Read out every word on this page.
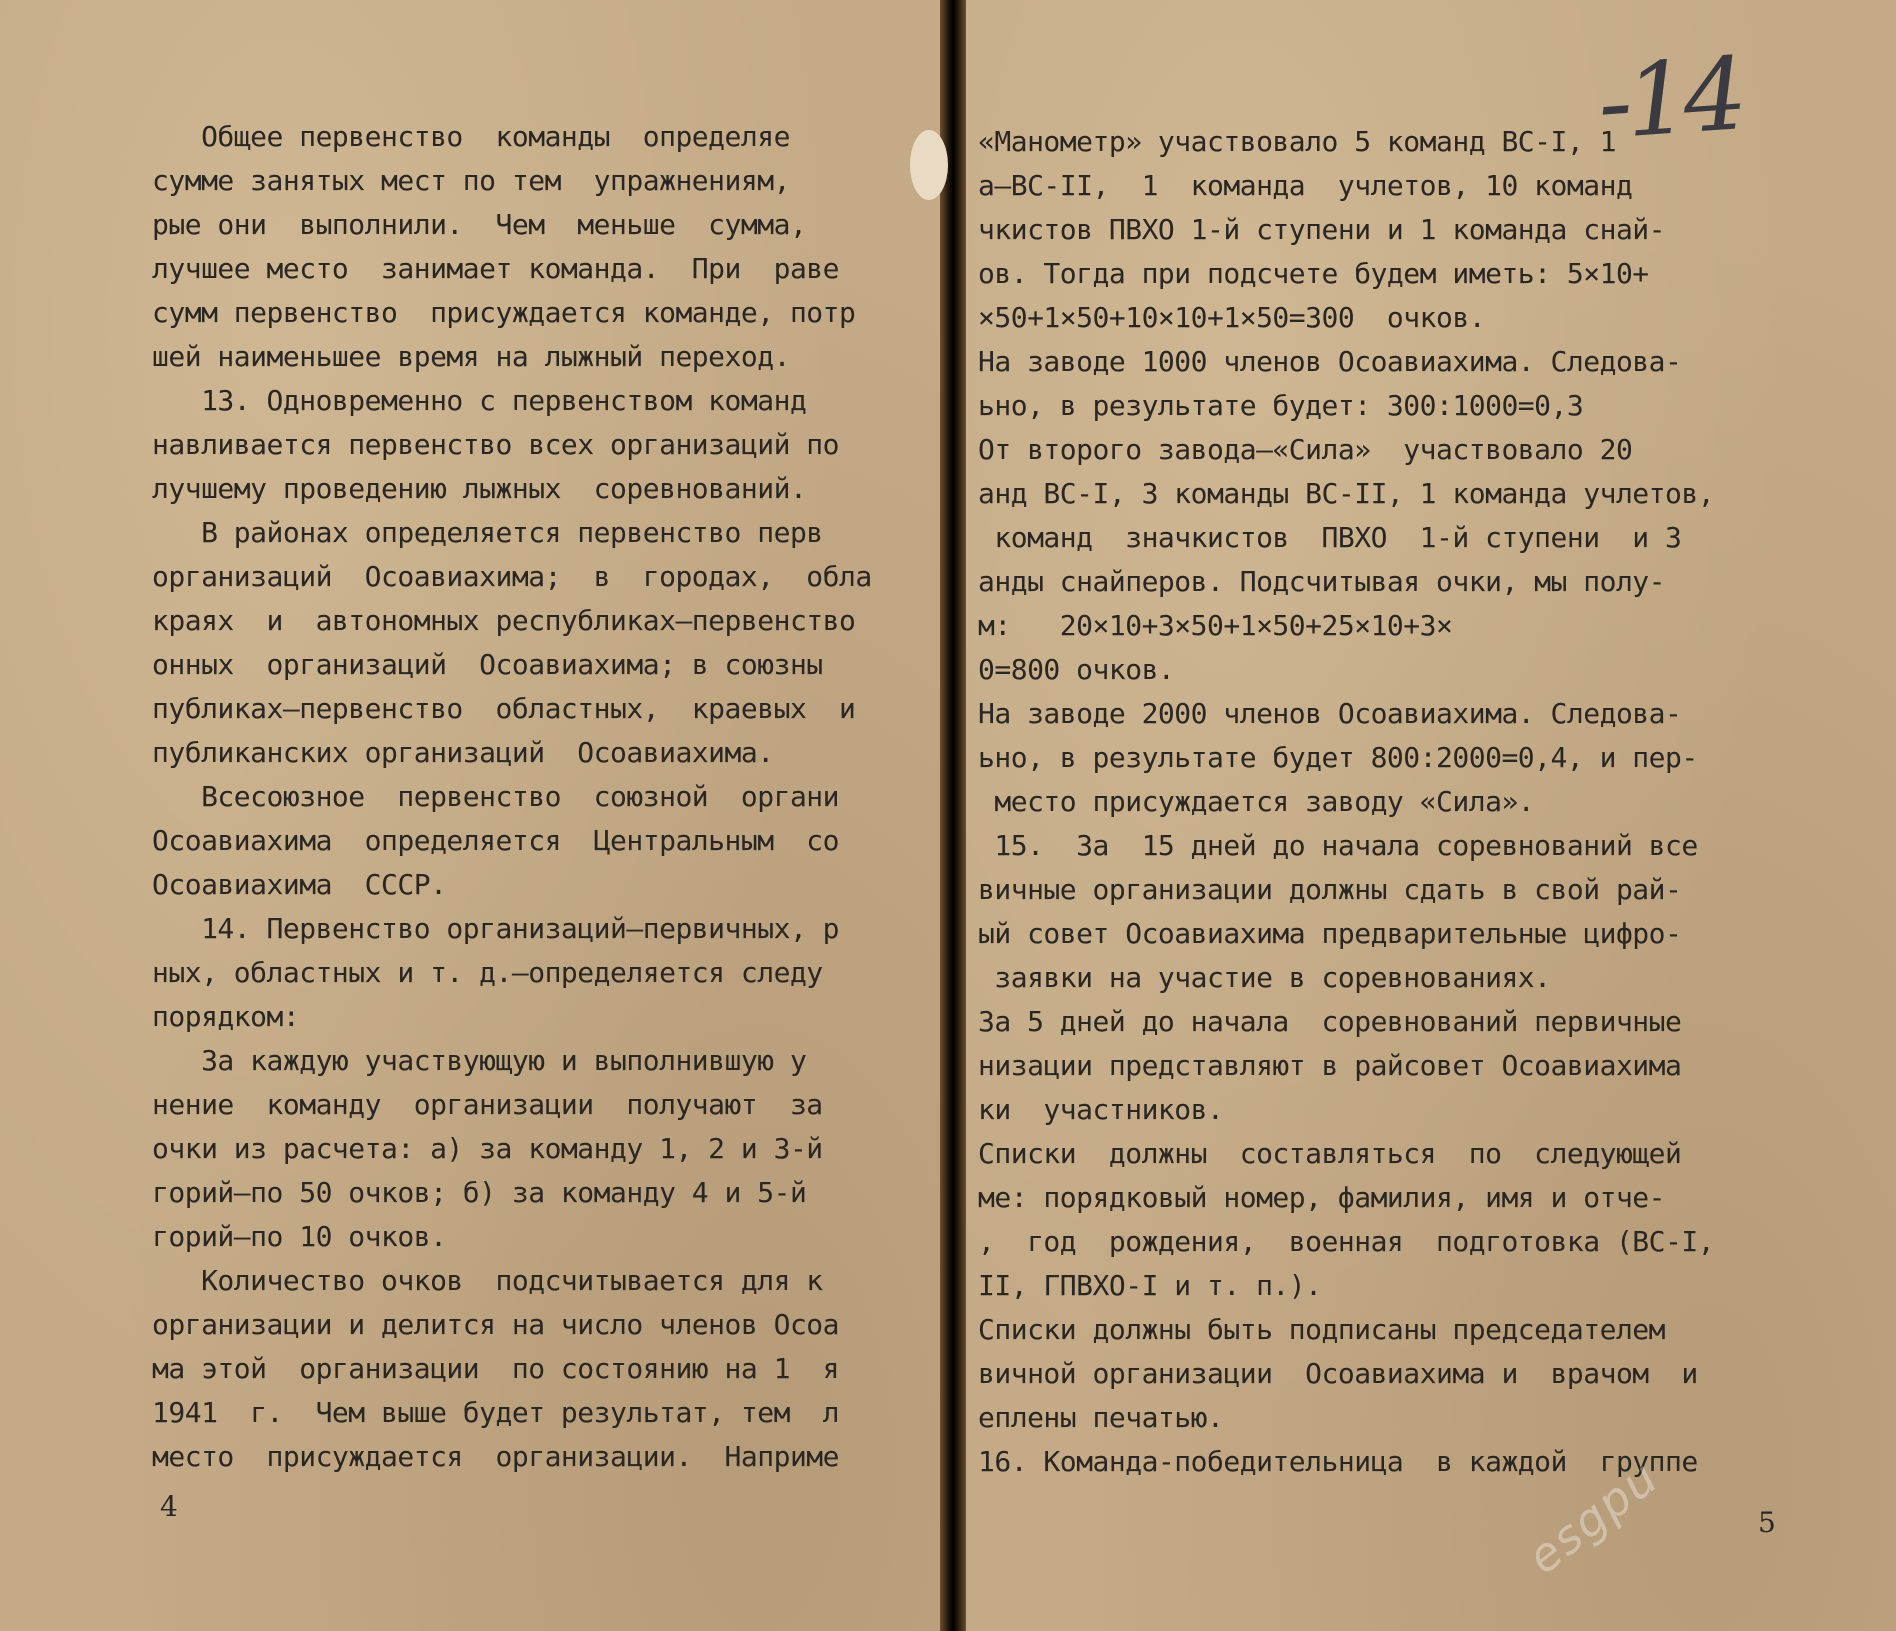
Общее первенство  команды  определяе
сумме занятых мест по тем  упражнениям,
рые они  выполнили.  Чем  меньше  сумма,
лучшее место  занимает команда.  При  раве
сумм первенство  присуждается команде, потр
шей наименьшее время на лыжный переход.
13. Одновременно с первенством команд
навливается первенство всех организаций по
лучшему проведению лыжных  соревнований.
В районах определяется первенство перв
организаций  Осоавиахима;  в  городах,  обла
краях  и  автономных республиках—первенство
онных  организаций  Осоавиахима; в союзны
публиках—первенство  областных,  краевых  и
публиканских организаций  Осоавиахима.
Всесоюзное  первенство  союзной  органи
Осоавиахима  определяется  Центральным  со
Осоавиахима  СССР.
14. Первенство организаций—первичных, р
ных, областных и т. д.—определяется следу
порядком:
За каждую участвующую и выполнившую у
нение  команду  организации  получают  за
очки из расчета: а) за команду 1, 2 и 3-й
горий—по 50 очков; б) за команду 4 и 5-й
горий—по 10 очков.
Количество очков  подсчитывается для к
организации и делится на число членов Осоа
ма этой  организации  по состоянию на 1  я
1941  г.  Чем выше будет результат, тем  л
место  присуждается  организации.  Наприме
4
«Манометр» участвовало 5 команд ВС-I, 1
а—ВС-II,  1  команда  учлетов, 10 команд
чкистов ПВХО 1-й ступени и 1 команда снай-
ов. Тогда при подсчете будем иметь: 5×10+
×50+1×50+10×10+1×50=300  очков.
На заводе 1000 членов Осоавиахима. Следова-
ьно, в результате будет: 300:1000=0,3
От второго завода—«Сила»  участвовало 20
анд ВС-I, 3 команды ВС-II, 1 команда учлетов,
команд  значкистов  ПВХО  1-й ступени  и 3
анды снайперов. Подсчитывая очки, мы полу-
м:   20×10+3×50+1×50+25×10+3×
0=800 очков.
На заводе 2000 членов Осоавиахима. Следова-
ьно, в результате будет 800:2000=0,4, и пер-
место присуждается заводу «Сила».
15.  За  15 дней до начала соревнований все
вичные организации должны сдать в свой рай-
ый совет Осоавиахима предварительные цифро-
заявки на участие в соревнованиях.
За 5 дней до начала  соревнований первичные
низации представляют в райсовет Осоавиахима
ки  участников.
Списки  должны  составляться  по  следующей
ме: порядковый номер, фамилия, имя и отче-
,  год  рождения,  военная  подготовка (ВС-I,
II, ГПВХО-I и т. п.).
Списки должны быть подписаны председателем
вичной организации  Осоавиахима и  врачом  и
еплены печатью.
16. Команда-победительница  в каждой  группе
5
-14
esgpu
